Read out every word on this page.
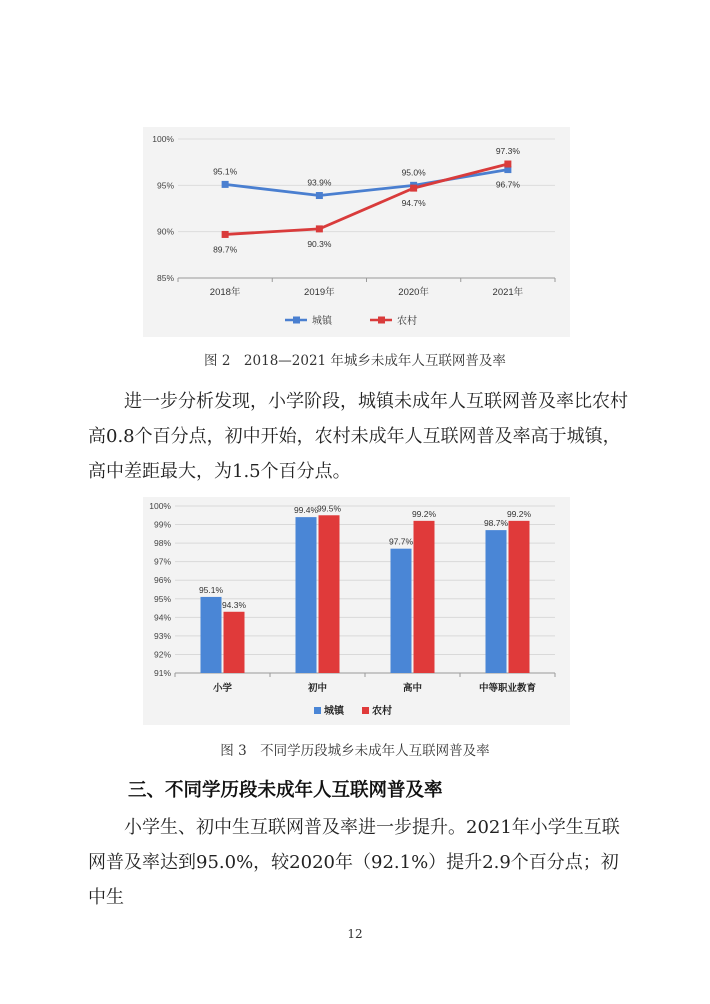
85%
90%
95%
100%
2018年	2019年	2020年	2021年
95.1%
93.9%
95.0%
96.7%
89.7%
90.3%
94.7%
97.3%
城镇	农村
图 2　2018—2021 年城乡未成年人互联网普及率

进一步分析发现，小学阶段，城镇未成年人互联网普及率比农村高0.8个百分点，初中开始，农村未成年人互联网普及率高于城镇，高中差距最大，为1.5个百分点。

91%
92%
93%
94%
95%
96%
97%
98%
99%
100%
小学
95.1%
94.3%
初中
99.4%
99.5%
高中
97.7%
99.2%
中等职业教育
98.7%
99.2%
城镇	农村
图 3　不同学历段城乡未成年人互联网普及率
三、不同学历段未成年人互联网普及率

小学生、初中生互联网普及率进一步提升。2021年小学生互联网普及率达到95.0%，较2020年（92.1%）提升2.9个百分点；初中生

12
